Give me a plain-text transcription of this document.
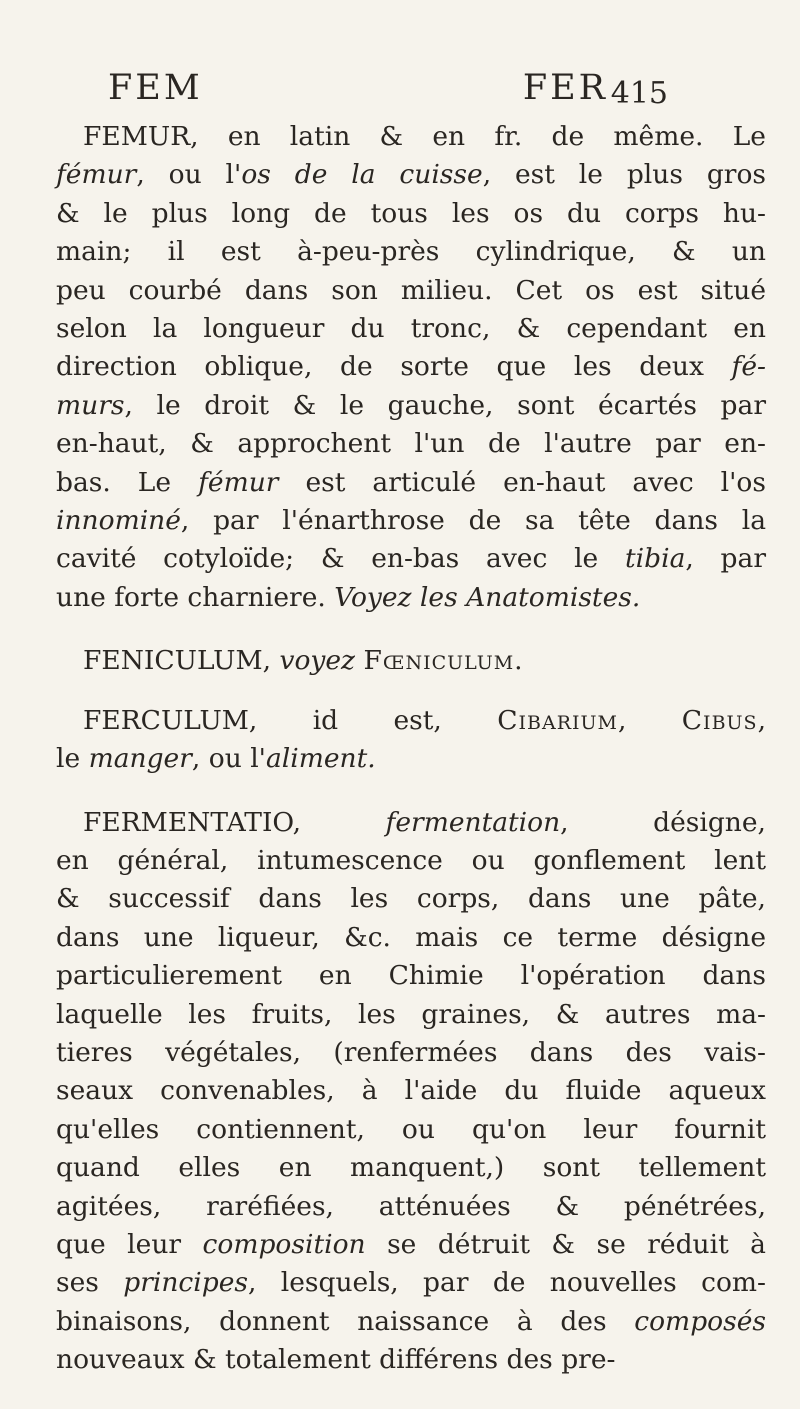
FEM	FER 415
FEMUR, en latin & en fr. de même. Le
fémur, ou l'os de la cuisse, est le plus gros
& le plus long de tous les os du corps hu-
main; il est à-peu-près cylindrique, & un
peu courbé dans son milieu. Cet os est situé
selon la longueur du tronc, & cependant en
direction oblique, de sorte que les deux fé-
murs, le droit & le gauche, sont écartés par
en-haut, & approchent l'un de l'autre par en-
bas. Le fémur est articulé en-haut avec l'os
innominé, par l'énarthrose de sa tête dans la
cavité cotyloïde; & en-bas avec le tibia, par
une forte charniere. Voyez les Anatomistes.
FENICULUM, voyez Fœniculum.
FERCULUM, id est, Cibarium, Cibus,
le manger, ou l'aliment.
FERMENTATIO, fermentation, désigne,
en général, intumescence ou gonflement lent
& successif dans les corps, dans une pâte,
dans une liqueur, &c. mais ce terme désigne
particulierement en Chimie l'opération dans
laquelle les fruits, les graines, & autres ma-
tieres végétales, (renfermées dans des vais-
seaux convenables, à l'aide du fluide aqueux
qu'elles contiennent, ou qu'on leur fournit
quand elles en manquent,) sont tellement
agitées, raréfiées, atténuées & pénétrées,
que leur composition se détruit & se réduit à
ses principes, lesquels, par de nouvelles com-
binaisons, donnent naissance à des composés
nouveaux & totalement différens des pre-
